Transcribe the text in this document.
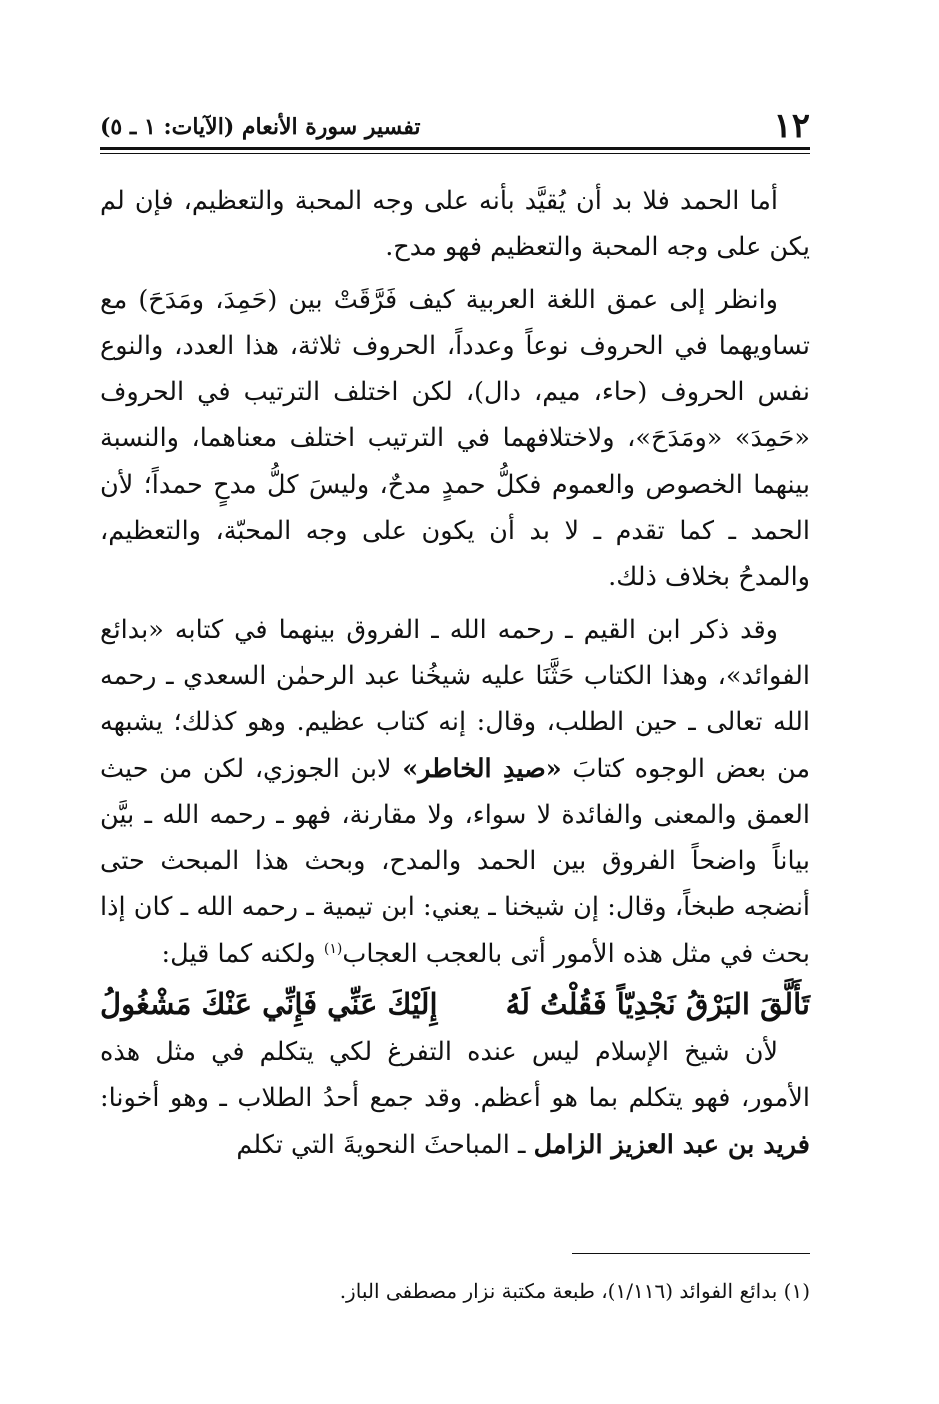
١٢
تفسير سورة الأنعام (الآيات: ١ ـ ٥)

أما الحمد فلا بد أن يُقيَّد بأنه على وجه المحبة والتعظيم، فإن لم يكن على وجه المحبة والتعظيم فهو مدح.

وانظر إلى عمق اللغة العربية كيف فَرَّقَتْ بين (حَمِدَ، ومَدَحَ) مع تساويهما في الحروف نوعاً وعدداً، الحروف ثلاثة، هذا العدد، والنوع نفس الحروف (حاء، ميم، دال)، لكن اختلف الترتيب في الحروف «حَمِدَ» «ومَدَحَ»، ولاختلافهما في الترتيب اختلف معناهما، والنسبة بينهما الخصوص والعموم فكلُّ حمدٍ مدحٌ، وليسَ كلُّ مدحٍ حمداً؛ لأن الحمد ـ كما تقدم ـ لا بد أن يكون على وجه المحبّة، والتعظيم، والمدحُ بخلاف ذلك.

وقد ذكر ابن القيم ـ رحمه الله ـ الفروق بينهما في كتابه «بدائع الفوائد»، وهذا الكتاب حَثَّنَا عليه شيخُنا عبد الرحمٰن السعدي ـ رحمه الله تعالى ـ حين الطلب، وقال: إنه كتاب عظيم. وهو كذلك؛ يشبهه من بعض الوجوه كتابَ «صيدِ الخاطر» لابن الجوزي، لكن من حيث العمق والمعنى والفائدة لا سواء، ولا مقارنة، فهو ـ رحمه الله ـ بيَّن بياناً واضحاً الفروق بين الحمد والمدح، وبحث هذا المبحث حتى أنضجه طبخاً، وقال: إن شيخنا ـ يعني: ابن تيمية ـ رحمه الله ـ كان إذا بحث في مثل هذه الأمور أتى بالعجب العجاب$^{(١)}$ ولكنه كما قيل:

تَأَلَّقَ البَرْقُ نَجْدِيّاً فَقُلْتُ لَهُ
إِلَيْكَ عَنِّي فَإِنِّي عَنْكَ مَشْغُولُ

لأن شيخ الإسلام ليس عنده التفرغ لكي يتكلم في مثل هذه الأمور، فهو يتكلم بما هو أعظم. وقد جمع أحدُ الطلاب ـ وهو أخونا: فريد بن عبد العزيز الزامل ـ المباحثَ النحويةَ التي تكلم

(١) بدائع الفوائد (١/١١٦)، طبعة مكتبة نزار مصطفى الباز.
